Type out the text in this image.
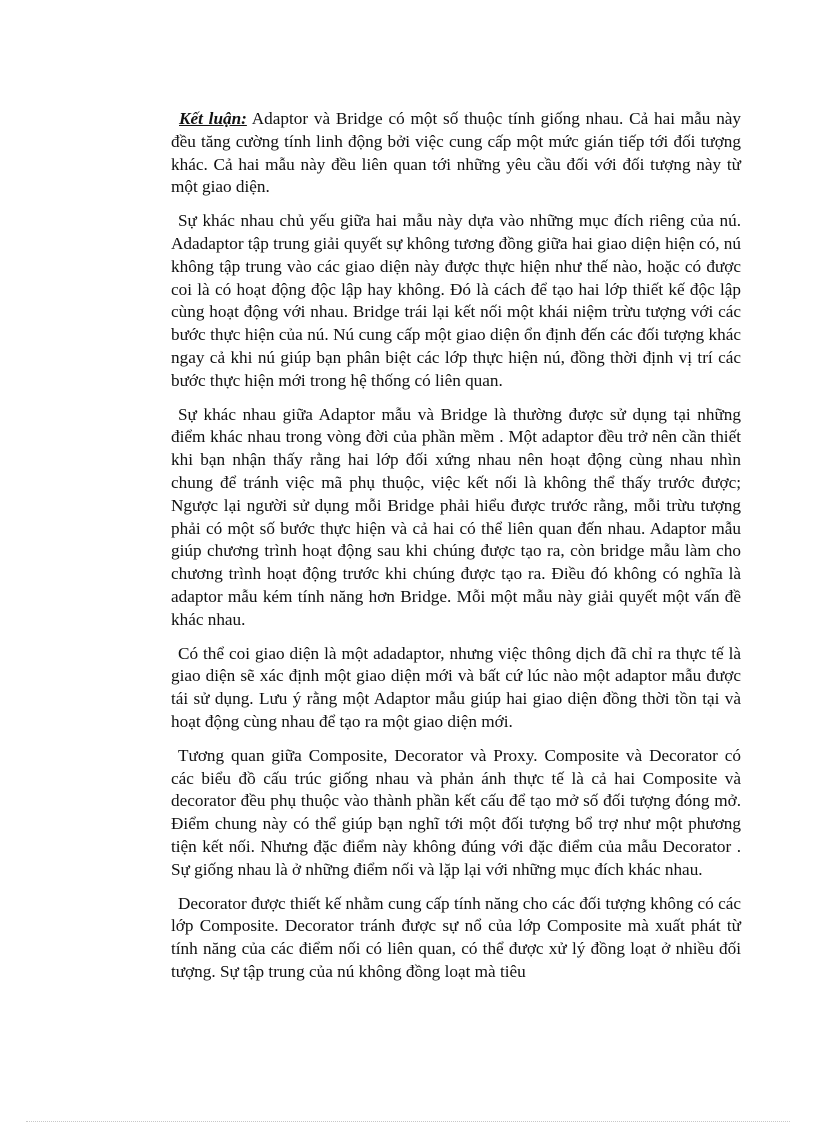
Kết luận: Adaptor và Bridge có một số thuộc tính giống nhau. Cả hai mẫu này đều tăng cường tính linh động bởi việc cung cấp một mức gián tiếp tới đối tượng khác. Cả hai mẫu này đều liên quan tới những yêu cầu đối với đối tượng này từ một giao diện.

Sự khác nhau chủ yếu giữa hai mẫu này dựa vào những mục đích riêng của nú. Adadaptor tập trung giải quyết sự không tương đồng giữa hai giao diện hiện có, nú không tập trung vào các giao diện này được thực hiện như thế nào, hoặc có được coi là có hoạt động độc lập hay không. Đó là cách để tạo hai lớp thiết kế độc lập cùng hoạt động với nhau. Bridge trái lại kết nối một khái niệm trừu tượng với các bước thực hiện của nú. Nú cung cấp một giao diện ổn định đến các đối tượng khác ngay cả khi nú giúp bạn phân biệt các lớp thực hiện nú, đồng thời định vị trí các bước thực hiện mới trong hệ thống có liên quan.

Sự khác nhau giữa Adaptor mẫu và Bridge là thường được sử dụng tại những điểm khác nhau trong vòng đời của phần mềm . Một adaptor đều trở nên cần thiết khi bạn nhận thấy rằng hai lớp đối xứng nhau nên hoạt động cùng nhau nhìn chung để tránh việc mã phụ thuộc, việc kết nối là không thể thấy trước được; Ngược lại người sử dụng mỗi Bridge phải hiểu được trước rằng, mỗi trừu tượng phải có một số bước thực hiện và cả hai có thể liên quan đến nhau. Adaptor mẫu giúp chương trình hoạt động sau khi chúng được tạo ra, còn bridge mẫu làm cho chương trình hoạt động trước khi chúng được tạo ra. Điều đó không có nghĩa là adaptor mẫu kém tính năng hơn Bridge. Mỗi một mẫu này giải quyết một vấn đề khác nhau.

Có thể coi giao diện là một adadaptor, nhưng việc thông dịch đã chỉ ra thực tế là giao diện sẽ xác định một giao diện mới và bất cứ lúc nào một adaptor mẫu được tái sử dụng. Lưu ý rằng một Adaptor mẫu giúp hai giao diện đồng thời tồn tại và hoạt động cùng nhau để tạo ra một giao diện mới.

Tương quan giữa Composite, Decorator và Proxy. Composite và Decorator có các biểu đồ cấu trúc giống nhau và phản ánh thực tế là cả hai Composite và decorator đều phụ thuộc vào thành phần kết cấu để tạo mở số đối tượng đóng mở. Điểm chung này có thể giúp bạn nghĩ tới một đối tượng bổ trợ như một phương tiện kết nối. Nhưng đặc điểm này không đúng với đặc điểm của mẫu Decorator . Sự giống nhau là ở những điểm nối và lặp lại với những mục đích khác nhau.

Decorator được thiết kế nhằm cung cấp tính năng cho các đối tượng không có các lớp Composite. Decorator tránh được sự nổ của lớp Composite mà xuất phát từ tính năng của các điểm nối có liên quan, có thể được xử lý đồng loạt ở nhiều đối tượng. Sự tập trung của nú không đồng loạt mà tiêu
